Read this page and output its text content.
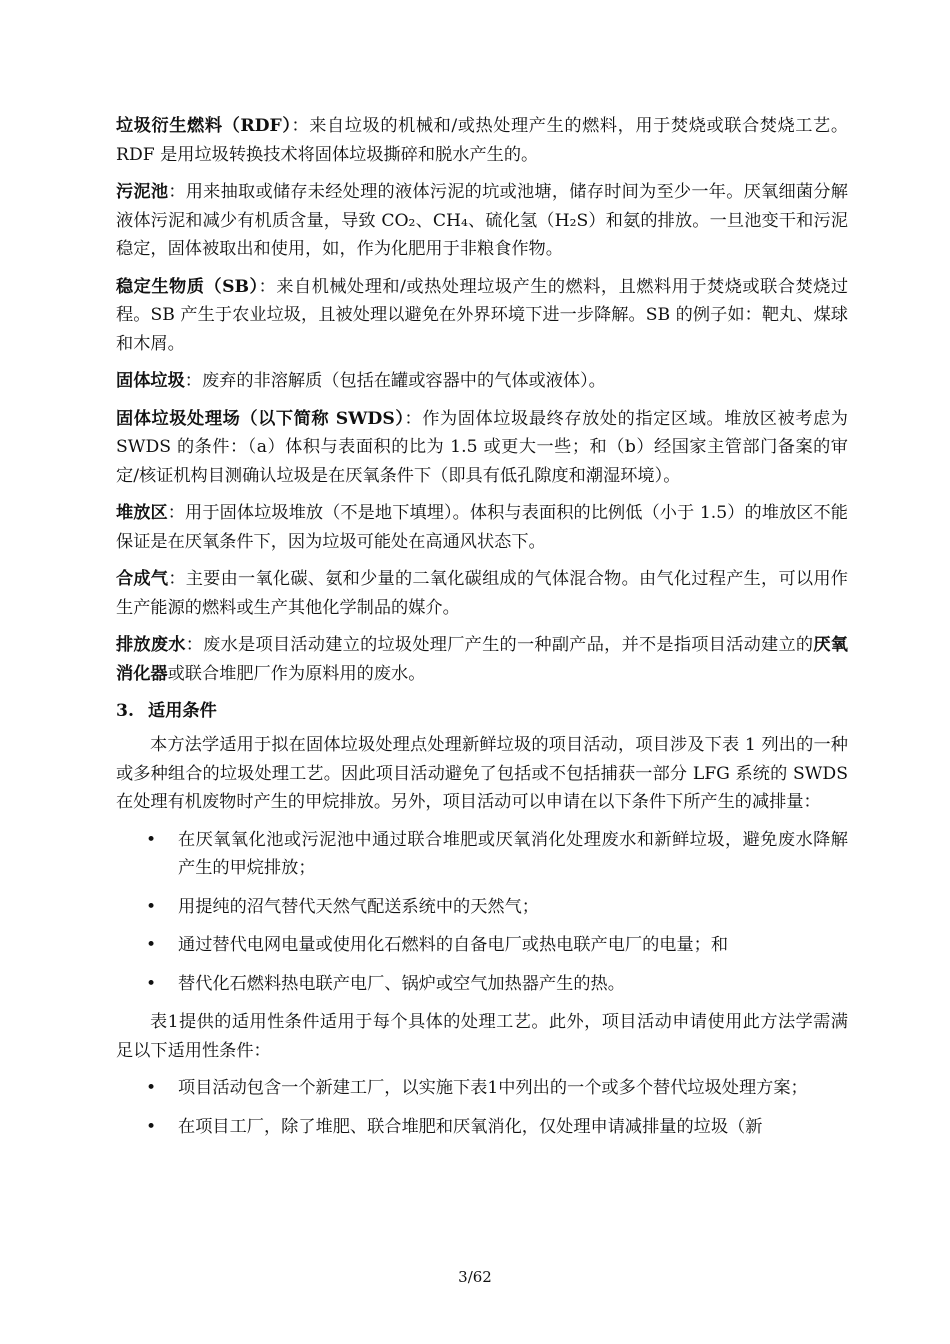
垃圾衍生燃料（RDF）：来自垃圾的机械和/或热处理产生的燃料，用于焚烧或联合焚烧工艺。RDF 是用垃圾转换技术将固体垃圾撕碎和脱水产生的。

污泥池：用来抽取或储存未经处理的液体污泥的坑或池塘，储存时间为至少一年。厌氧细菌分解液体污泥和减少有机质含量，导致 CO₂、CH₄、硫化氢（H₂S）和氨的排放。一旦池变干和污泥稳定，固体被取出和使用，如，作为化肥用于非粮食作物。

稳定生物质（SB）：来自机械处理和/或热处理垃圾产生的燃料，且燃料用于焚烧或联合焚烧过程。SB 产生于农业垃圾，且被处理以避免在外界环境下进一步降解。SB 的例子如：靶丸、煤球和木屑。

固体垃圾：废弃的非溶解质（包括在罐或容器中的气体或液体）。

固体垃圾处理场（以下简称 SWDS）：作为固体垃圾最终存放处的指定区域。堆放区被考虑为 SWDS 的条件：（a）体积与表面积的比为 1.5 或更大一些；和（b）经国家主管部门备案的审定/核证机构目测确认垃圾是在厌氧条件下（即具有低孔隙度和潮湿环境）。

堆放区：用于固体垃圾堆放（不是地下填埋）。体积与表面积的比例低（小于 1.5）的堆放区不能保证是在厌氧条件下，因为垃圾可能处在高通风状态下。

合成气：主要由一氧化碳、氨和少量的二氧化碳组成的气体混合物。由气化过程产生，可以用作生产能源的燃料或生产其他化学制品的媒介。

排放废水：废水是项目活动建立的垃圾处理厂产生的一种副产品，并不是指项目活动建立的厌氧消化器或联合堆肥厂作为原料用的废水。

3. 适用条件

本方法学适用于拟在固体垃圾处理点处理新鲜垃圾的项目活动，项目涉及下表 1 列出的一种或多种组合的垃圾处理工艺。因此项目活动避免了包括或不包括捕获一部分 LFG 系统的 SWDS 在处理有机废物时产生的甲烷排放。另外，项目活动可以申请在以下条件下所产生的减排量：

• 在厌氧氧化池或污泥池中通过联合堆肥或厌氧消化处理废水和新鲜垃圾，避免废水降解产生的甲烷排放；
• 用提纯的沼气替代天然气配送系统中的天然气；
• 通过替代电网电量或使用化石燃料的自备电厂或热电联产电厂的电量；和
• 替代化石燃料热电联产电厂、锅炉或空气加热器产生的热。

表1提供的适用性条件适用于每个具体的处理工艺。此外，项目活动申请使用此方法学需满足以下适用性条件：

• 项目活动包含一个新建工厂，以实施下表1中列出的一个或多个替代垃圾处理方案；
• 在项目工厂，除了堆肥、联合堆肥和厌氧消化，仅处理申请减排量的垃圾（新
3/62
